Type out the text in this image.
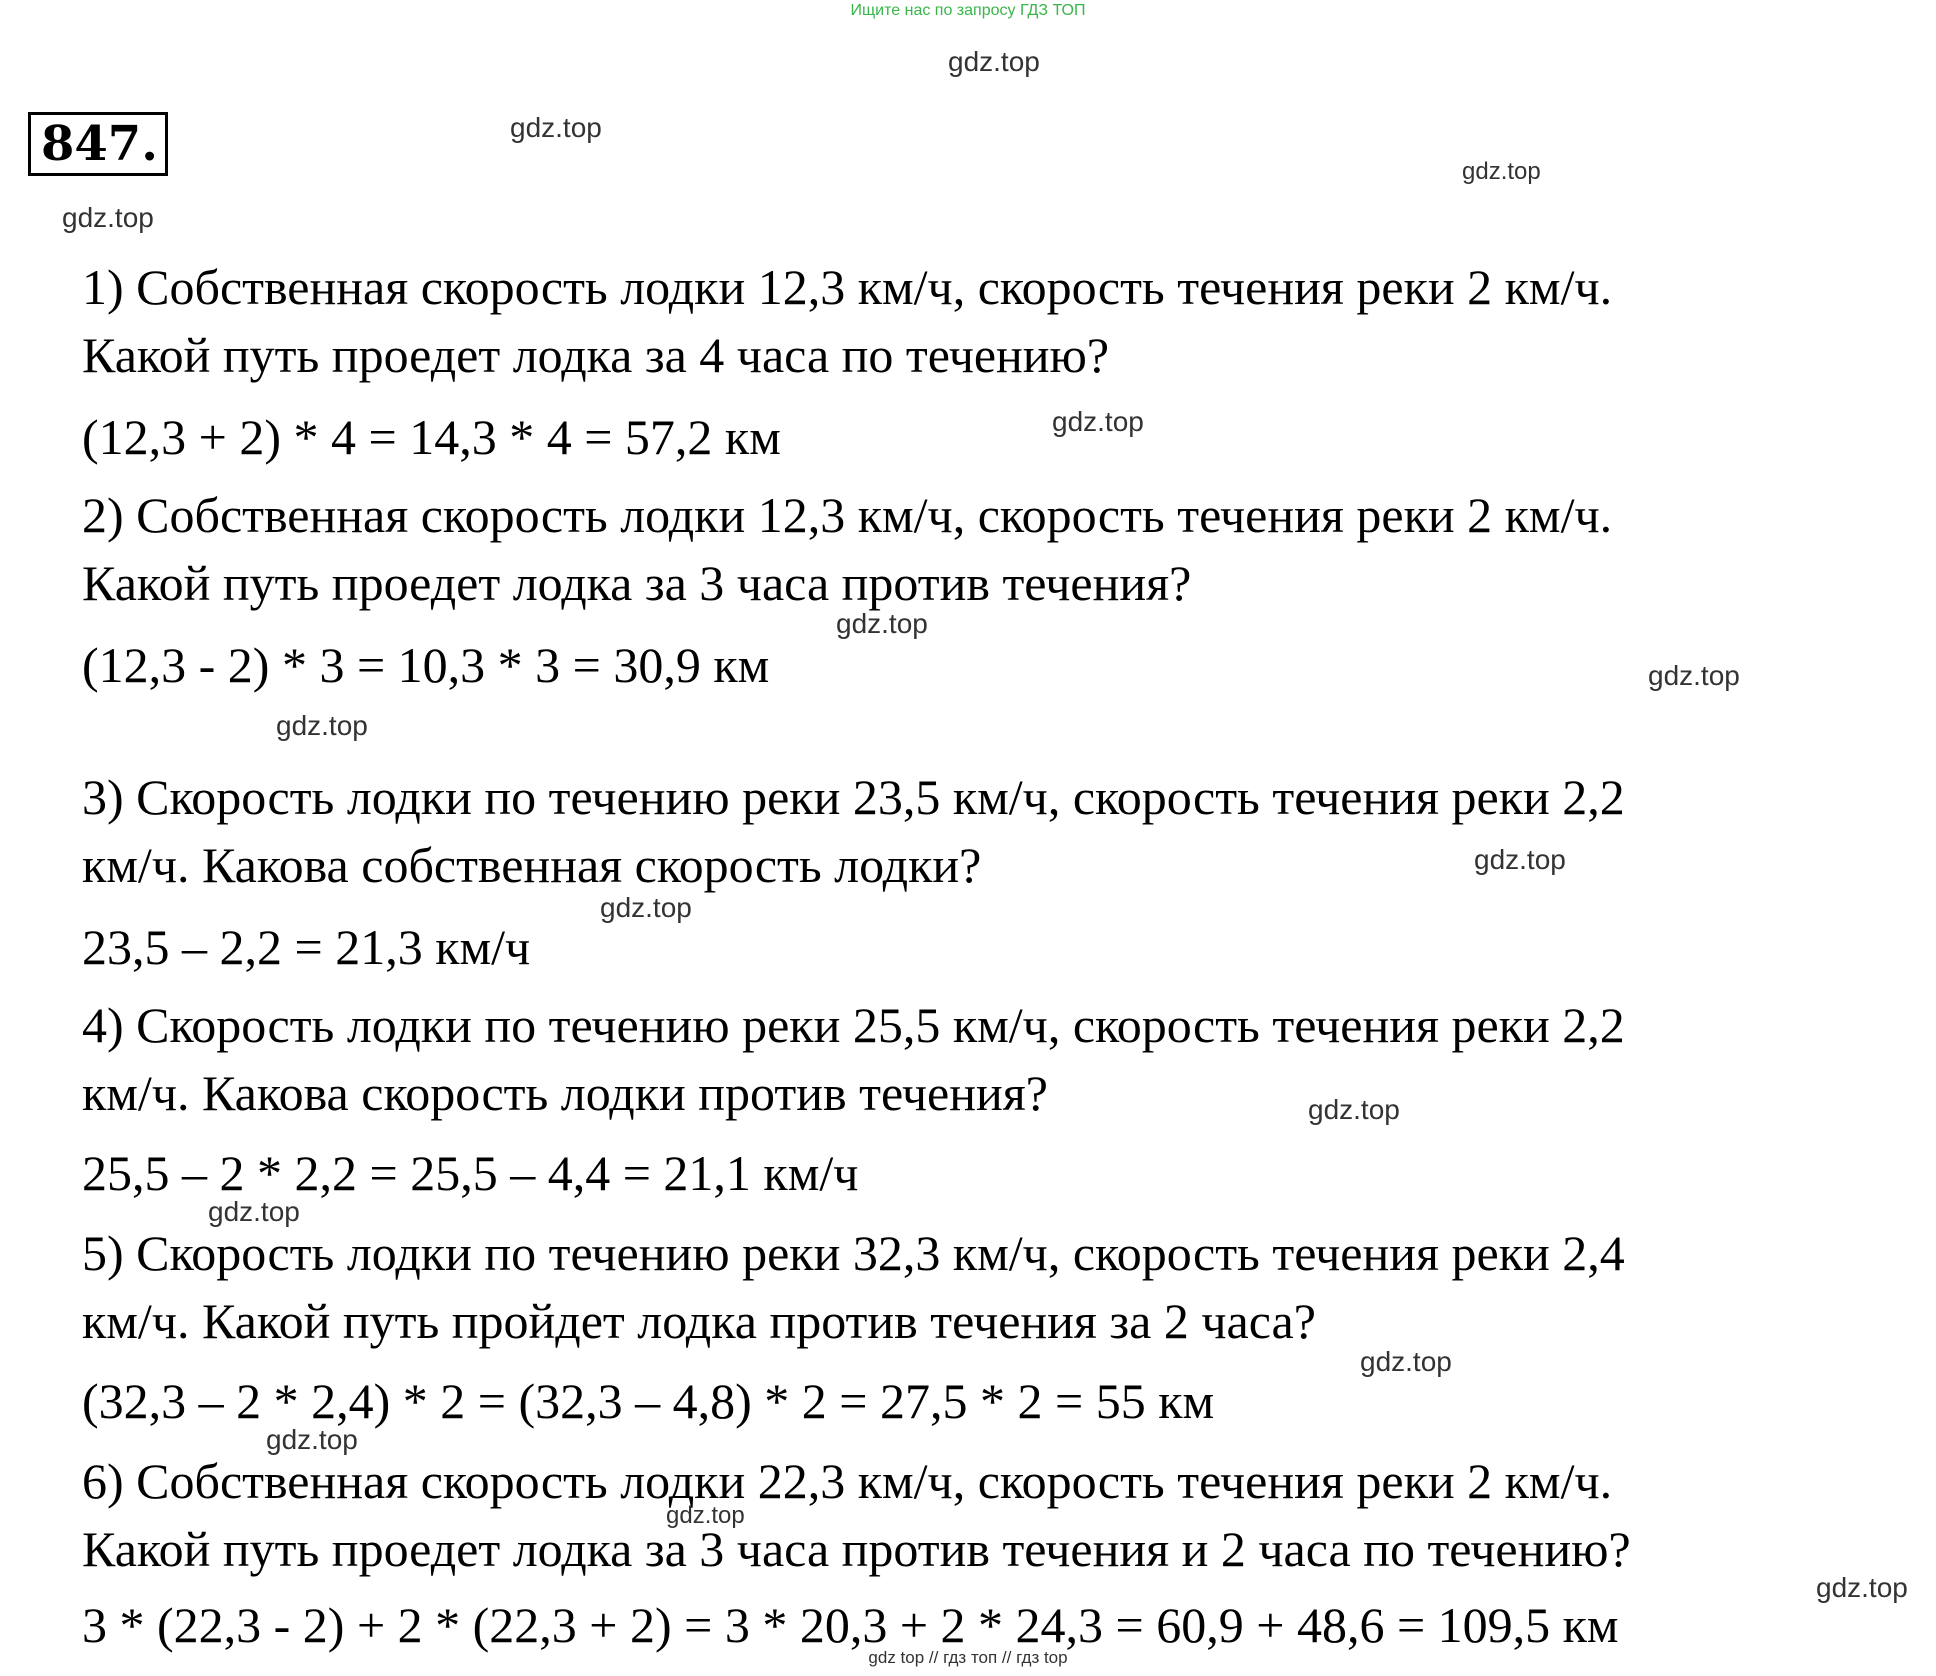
Ищите нас по запросу ГДЗ ТОП
gdz.top
gdz.top
gdz.top
gdz.top
847.
1) Собственная скорость лодки 12,3 км/ч, скорость течения реки 2 км/ч.
Какой путь проедет лодка за 4 часа по течению?
(12,3 + 2) * 4 = 14,3 * 4 = 57,2 км	gdz.top
2) Собственная скорость лодки 12,3 км/ч, скорость течения реки 2 км/ч.
Какой путь проедет лодка за 3 часа против течения?
gdz.top
(12,3 - 2) * 3 = 10,3 * 3 = 30,9 км	gdz.top
gdz.top
3) Скорость лодки по течению реки 23,5 км/ч, скорость течения реки 2,2
км/ч. Какова собственная скорость лодки?	gdz.top
gdz.top
23,5 – 2,2 = 21,3 км/ч
4) Скорость лодки по течению реки 25,5 км/ч, скорость течения реки 2,2
км/ч. Какова скорость лодки против течения?	gdz.top
25,5 – 2 * 2,2 = 25,5 – 4,4 = 21,1 км/ч
gdz.top
5) Скорость лодки по течению реки 32,3 км/ч, скорость течения реки 2,4
км/ч. Какой путь пройдет лодка против течения за 2 часа?
gdz.top
(32,3 – 2 * 2,4) * 2 = (32,3 – 4,8) * 2 = 27,5 * 2 = 55 км
gdz.top
6) Собственная скорость лодки 22,3 км/ч, скорость течения реки 2 км/ч.
gdz.top
Какой путь проедет лодка за 3 часа против течения и 2 часа по течению?
gdz.top
3 * (22,3 - 2) + 2 * (22,3 + 2) = 3 * 20,3 + 2 * 24,3 = 60,9 + 48,6 = 109,5 км
gdz top // гдз топ // гдз top
